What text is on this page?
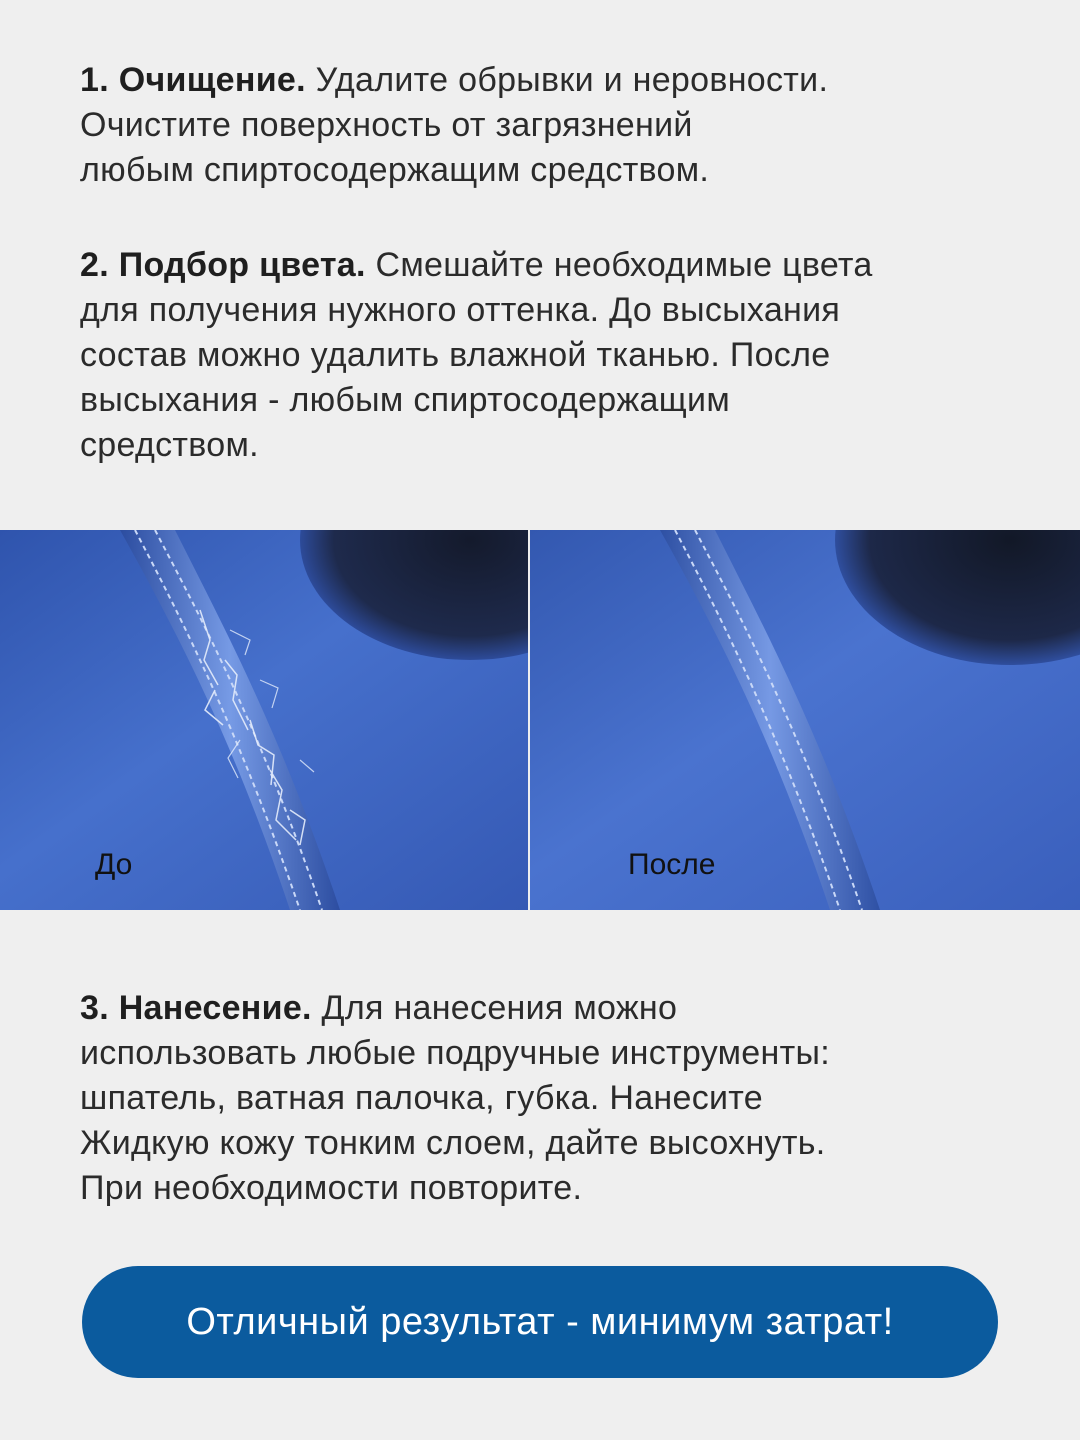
1. Очищение. Удалите обрывки и неровности.
Очистите поверхность от загрязнений
любым спиртосодержащим средством.
2. Подбор цвета. Смешайте необходимые цвета
для получения нужного оттенка. До высыхания
состав можно удалить влажной тканью. После
высыхания - любым спиртосодержащим
средством.
До	После
3. Нанесение. Для нанесения можно
использовать любые подручные инструменты:
шпатель, ватная палочка, губка. Нанесите
Жидкую кожу тонким слоем, дайте высохнуть.
При необходимости повторите.
Отличный результат - минимум затрат!
